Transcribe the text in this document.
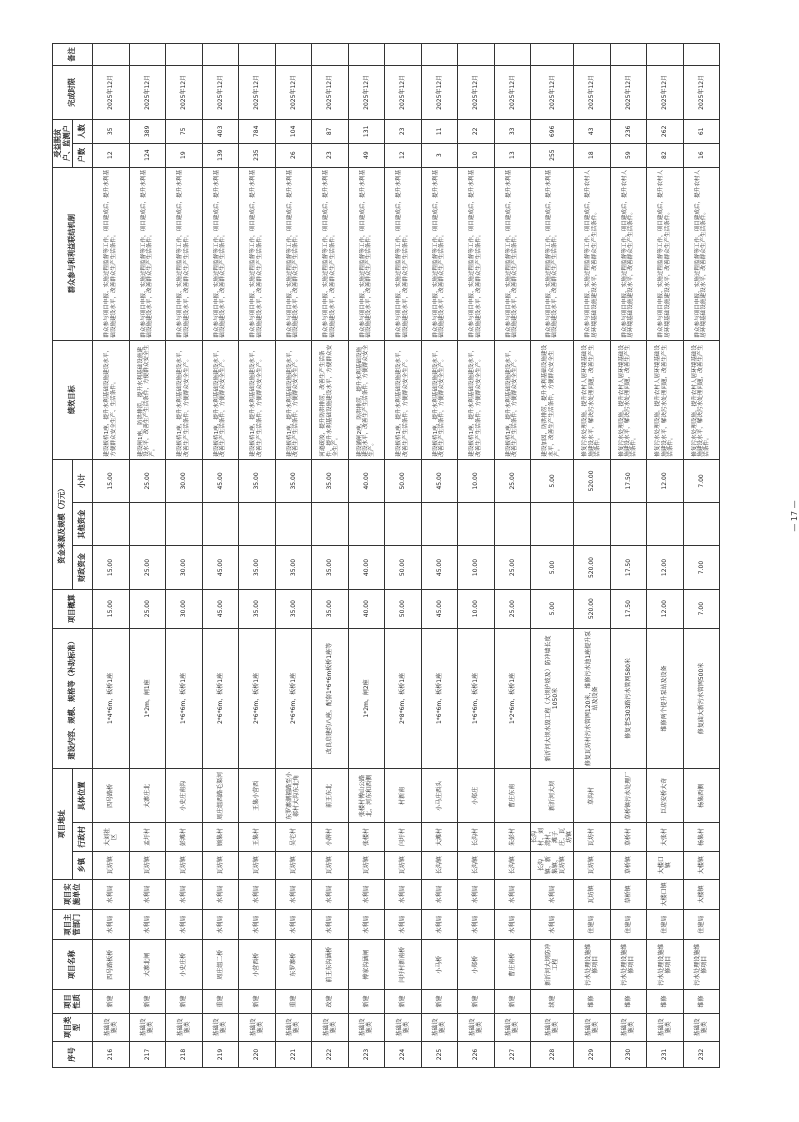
序号	项目类型	项目性质	项目名称	项目主管部门	项目实施单位	项目地址			建设内容、规模、规格等（补助标准）	项目概算	资金来源及规模（万元）			绩效目标	群众参与和利益联结机制	受益脱贫户、监测户		完成时限	备注
						乡镇	行政村	具体位置			财政资金	其他资金	小计			户数	人数		
216	基础设施类	新建	四号路板桥	水利局	水利局	瓦坊镇	大刘社区	四号路桥	1*4*6m，板桥1座	15.00	15.00		15.00	建设板桥1座，提升水利基础设施建设水平，方便群众安全生产、生活条件。	群众参与项目申报、实施过程监督等工作，项目建成后，提升水利基础设施建设水平，改善群众生产生活条件。	12	35	2025年12月	
217	基础设施类	新建	大寨北闸	水利局	水利局	瓦坊镇	孟圩村	大寨庄北	1*2m，闸1座	25.00	25.00		25.00	建设闸1座，防洪排涝，提升水利基础设施建设水平，改善生产生活条件，方便群众安全生产。	群众参与项目申报、实施过程监督等工作，项目建成后，提升水利基础设施建设水平，改善群众生产生活条件。	124	389	2025年12月	
218	基础设施类	新建	小史庄桥	水利局	水利局	瓦坊镇	彭滩村	小史庄南沟	1*6*6m，板桥1座	30.00	30.00		30.00	建设板桥1座，提升水利基础设施建设水平，改善生产生活条件，方便群众安全生产。	群众参与项目申报、实施过程监督等工作，项目建成后，提升水利基础设施建设水平，改善群众生产生活条件。	19	75	2025年12月	
219	基础设施类	重建	周庄组二桥	水利局	水利局	瓦坊镇	顾集村	周庄组西路毛渠河	2*6*6m，板桥1座	45.00	45.00		45.00	建设板桥1座，提升水利基础设施建设水平，改善生产生活条件，方便群众安全生产。	群众参与项目申报、实施过程监督等工作，项目建成后，提升水利基础设施建设水平，改善群众生产生活条件。	139	403	2025年12月	
220	基础设施类	新建	小营西桥	水利局	水利局	瓦坊镇	王集村	王集小营西	2*6*6m，板桥1座	35.00	35.00		35.00	建设板桥1座，提升水利基础设施建设水平，改善生产生活条件，方便群众安全生产。	群众参与项目申报、实施过程监督等工作，项目建成后，提升水利基础设施建设水平，改善群众生产生活条件。	235	784	2025年12月	
221	基础设施类	重建	东罗寨桥	水利局	水利局	瓦坊镇	吴宅村	东罗寨潮福路至小郝村大沟东北角	2*6*6m，板桥1座	35.00	35.00		35.00	建设板桥1座，提升水利基础设施建设水平，改善生产生活条件，方便群众安全生产。	群众参与项目申报、实施过程监督等工作，项目建成后，提升水利基础设施建设水平，改善群众生产生活条件。	26	104	2025年12月	
222	基础设施类	改建	前王东沟涵桥	水利局	水利局	瓦坊镇	小薛村	前王东北	改良启建约八座，配套1*6*6m板桥1座等	35.00	35.00		35.00	河道疏浚，提升防洪排涝，改善生产生活条件，提升水利基础设施建设水平，方便群众安全生产。	群众参与项目申报、实施过程监督等工作，项目建成后，提升水利基础设施建设水平，改善群众生产生活条件。	23	87	2025年12月	
223	基础设施类	新建	傅家沟涵闸	水利局	水利局	瓦坊镇	张楼村	张楼村傅山公路北，河东和西侧	1*2m，闸2座	40.00	40.00		40.00	建设涵闸2座，防洪排涝，提升水利基础设施建设水平，改善生产生活条件，方便群众安全生产。	群众参与项目申报、实施过程监督等工作，项目建成后，提升水利基础设施建设水平，改善群众生产生活条件。	49	131	2025年12月	
224	基础设施类	新建	闫圩村新南桥	水利局	水利局	瓦坊镇	闫圩村	村新南	2*8*6m，板桥1座	50.00	50.00		50.00	建设板桥1座，提升水利基础设施建设水平，改善生产生活条件，方便群众安全生产。	群众参与项目申报、实施过程监督等工作，项目建成后，提升水利基础设施建设水平，改善群众生产生活条件。	12	23	2025年12月	
225	基础设施类	新建	小马桥	水利局	水利局	长沟镇	大滩村	小马庄西头	1*6*6m，板桥1座	45.00	45.00		45.00	建设板桥1座，提升水利基础设施建设水平，改善生产生活条件，方便群众安全生产。	群众参与项目申报、实施过程监督等工作，项目建成后，提升水利基础设施建设水平，改善群众生产生活条件。	3	11	2025年12月	
226	基础设施类	新建	小郑桥	水利局	水利局	长沟镇	长沟村	小郑庄	1*6*6m，板桥1座	10.00	10.00		10.00	建设板桥1座，提升水利基础设施建设水平，改善生产生活条件，方便群众安全生产。	群众参与项目申报、实施过程监督等工作，项目建成后，提升水利基础设施建设水平，改善群众生产生活条件。	10	22	2025年12月	
227	基础设施类	新建	曹庄南桥	水利局	水利局	长沟镇	朱彭村	曹庄东南	1*2*6m，板桥1座	25.00	25.00		25.00	建设板桥1座，提升水利基础设施建设水平，改善生产生活条件，方便群众安全生产。	群众参与项目申报、实施过程监督等工作，项目建成后，提升水利基础设施建设水平，改善群众生产生活条件。	13	33	2025年12月	
228	基础设施类	续建	新沂河大坝防冲工程	水利局	水利局	长沟镇、新集镇、瓦坊镇	长沟村、刘湾村、滩子庄、瓦坊镇	新沂河大坝	新沂河大坝水毁工程（大坝护坡及）防冲墙长度1050米	5.00	5.00		5.00	建设加固，防洪排涝，提升水利基础设施建设水平，改善生产生活条件，方便群众安全生产。	群众参与项目申报、实施过程监督等工作，项目建成后，提升水利基础设施建设水平，改善群众生产生活条件。	255	696	2025年12月	
229	基础设施类	维修	污水处理设施维修项目	住建局	瓦坊镇	瓦坊镇	瓦坊村	草沟村	修复瓦坊村污水管网120米，维修污水池1座提升泵站及设备	520.00	520.00		520.00	修复污水处理设施，提升农村人居环境基础设施建设水平，解决污水处理问题，改善生产生活条件。	群众参与项目申报、实施过程监督等工作，项目建成后，提升农村人居环境基础设施建设水平，改善群众生产生活条件。	18	43	2025年12月	
230	基础设施类	维修	污水处理设施维修项目	住建局	草桥镇	草桥镇	草桥村	草桥镇污水处理厂	修复老S303路污水管网580米	17.50	17.50		17.50	修复污水处理设施，提升农村人居环境基础设施建设水平，解决污水处理问题，改善生产生活条件。	群众参与项目申报、实施过程监督等工作，项目建成后，提升农村人居环境基础设施建设水平，改善群众生产生活条件。	59	236	2025年12月	
231	基础设施类	维修	污水处理设施维修项目	住建局	大楼口镇	大楼口镇	大张村	巨店安桥大奇	维修两个提升泵站及设备	12.00	12.00		12.00	修复污水处理设施，提升农村人居环境基础设施建设水平，解决污水处理问题，改善生产生活条件。	群众参与项目申报、实施过程监督等工作，项目建成后，提升农村人居环境基础设施建设水平，改善群众生产生活条件。	82	262	2025年12月	
232	基础设施类	维修	污水处理设施维修项目	住建局	大楼镇	大楼镇	杨集村	杨集西侧	修复庙大新污水管网500米	7.00	7.00		7.00	修复污水处理设施，提升农村人居环境基础设施建设水平，解决污水处理问题，改善生产生活条件。	群众参与项目申报、实施过程监督等工作，项目建成后，提升农村人居环境基础设施建设水平，改善群众生产生活条件。	16	61	2025年12月	
— 17 —
